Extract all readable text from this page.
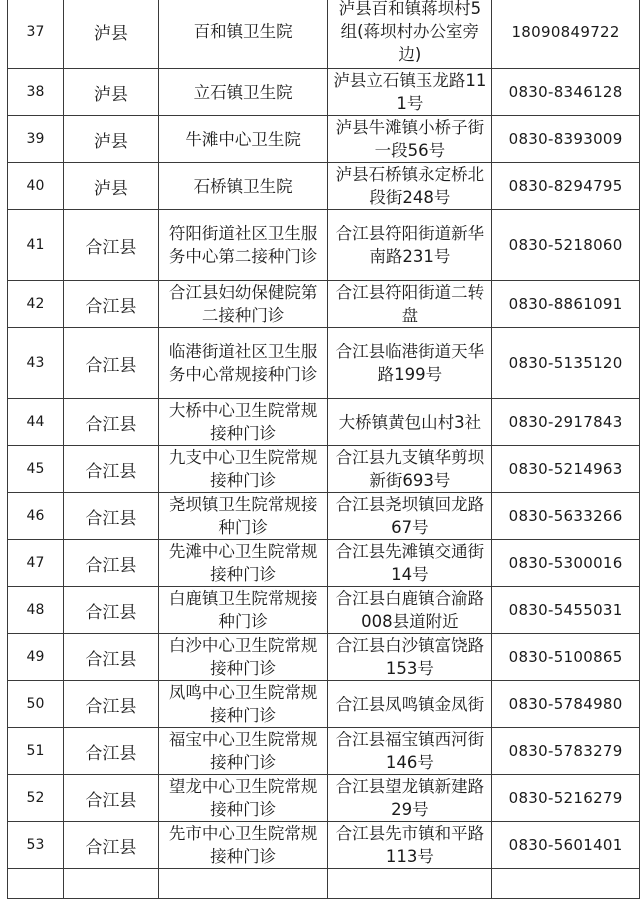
37	泸县	百和镇卫生院	泸县百和镇蒋坝村5组(蒋坝村办公室旁边)	18090849722
38	泸县	立石镇卫生院	泸县立石镇玉龙路111号	0830-8346128
39	泸县	牛滩中心卫生院	泸县牛滩镇小桥子街一段56号	0830-8393009
40	泸县	石桥镇卫生院	泸县石桥镇永定桥北段街248号	0830-8294795
41	合江县	符阳街道社区卫生服务中心第二接种门诊	合江县符阳街道新华南路231号	0830-5218060
42	合江县	合江县妇幼保健院第二接种门诊	合江县符阳街道二转盘	0830-8861091
43	合江县	临港街道社区卫生服务中心常规接种门诊	合江县临港街道天华路199号	0830-5135120
44	合江县	大桥中心卫生院常规接种门诊	大桥镇黄包山村3社	0830-2917843
45	合江县	九支中心卫生院常规接种门诊	合江县九支镇华剪坝新街693号	0830-5214963
46	合江县	尧坝镇卫生院常规接种门诊	合江县尧坝镇回龙路67号	0830-5633266
47	合江县	先滩中心卫生院常规接种门诊	合江县先滩镇交通街14号	0830-5300016
48	合江县	白鹿镇卫生院常规接种门诊	合江县白鹿镇合渝路008县道附近	0830-5455031
49	合江县	白沙中心卫生院常规接种门诊	合江县白沙镇富饶路153号	0830-5100865
50	合江县	凤鸣中心卫生院常规接种门诊	合江县凤鸣镇金凤街	0830-5784980
51	合江县	福宝中心卫生院常规接种门诊	合江县福宝镇西河街146号	0830-5783279
52	合江县	望龙中心卫生院常规接种门诊	合江县望龙镇新建路29号	0830-5216279
53	合江县	先市中心卫生院常规接种门诊	合江县先市镇和平路113号	0830-5601401
